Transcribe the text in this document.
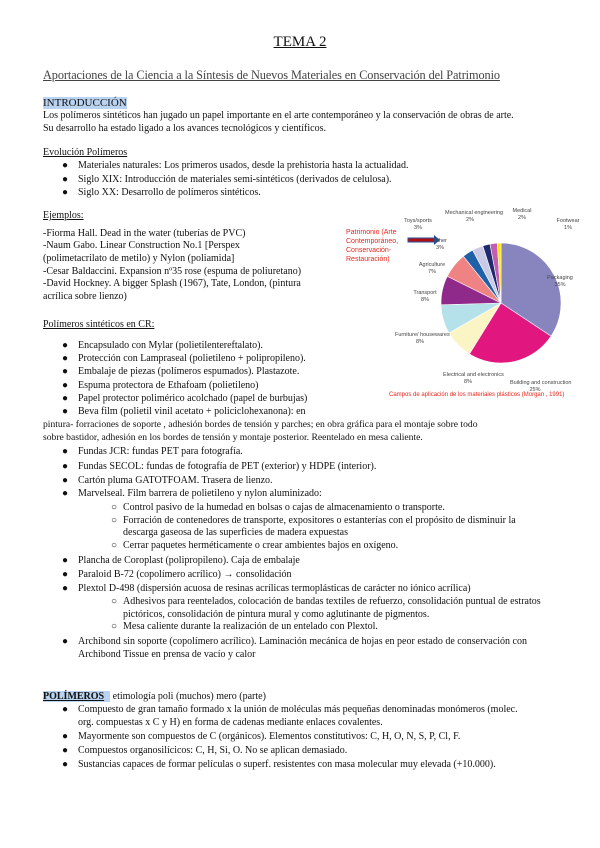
TEMA 2
Aportaciones de la Ciencia a la Síntesis de Nuevos Materiales en Conservación del Patrimonio
INTRODUCCIÓN
Los polímeros sintéticos han jugado un papel importante en el arte contemporáneo y la conservación de obras de arte.
Su desarrollo ha estado ligado a los avances tecnológicos y científicos.
Evolución Polímeros
● Materiales naturales: Los primeros usados, desde la prehistoria hasta la actualidad.
● Siglo XIX: Introducción de materiales semi-sintéticos (derivados de celulosa).
● Siglo XX: Desarrollo de polímeros sintéticos.
Ejemplos:
-Fiorma Hall. Dead in the water (tuberías de PVC)
-Naum Gabo. Linear Construction No.1 [Perspex
(polimetacrilato de metilo) y Nylon (poliamida]
-Cesar Baldaccini. Expansion nº35 rose (espuma de poliuretano)
-David Hockney. A bigger Splash (1967), Tate, London, (pintura
acrílica sobre lienzo)
Polímeros sintéticos en CR:
● Encapsulado con Mylar (polietilentereftalato).
● Protección con Lampraseal (polietileno + polipropileno).
● Embalaje de piezas (polímeros espumados). Plastazote.
● Espuma protectora de Ethafoam (polietileno)
● Papel protector polimérico acolchado (papel de burbujas)
● Beva film (polietil vinil acetato + policiclohexanona): en
pintura- forraciones de soporte , adhesión bordes de tensión y parches; en obra gráfica para el montaje sobre todo
sobre bastidor, adhesión en los bordes de tensión y montaje posterior. Reentelado en mesa caliente.
● Fundas JCR: fundas PET para fotografía.
● Fundas SECOL: fundas de fotografía de PET (exterior) y HDPE (interior).
● Cartón pluma GATOTFOAM. Trasera de lienzo.
● Marvelseal. Film barrera de polietileno y nylon aluminizado:
○ Control pasivo de la humedad en bolsas o cajas de almacenamiento o transporte.
○ Forración de contenedores de transporte, expositores o estanterías con el propósito de disminuir la
descarga gaseosa de las superficies de madera expuestas
○ Cerrar paquetes herméticamente o crear ambientes bajos en oxígeno.
● Plancha de Coroplast (polipropileno). Caja de embalaje
● Paraloid B-72 (copolímero acrílico) → consolidación
● Plextol D-498 (dispersión acuosa de resinas acrílicas termoplásticas de carácter no iónico acrílica)
○ Adhesivos para reentelados, colocación de bandas textiles de refuerzo, consolidación puntual de estratos
pictóricos, consolidación de pintura mural y como aglutinante de pigmentos.
○ Mesa caliente durante la realización de un entelado con Plextol.
● Archibond sin soporte (copolímero acrílico). Laminación mecánica de hojas en peor estado de conservación con
Archibond Tissue en prensa de vacío y calor
POLÍMEROS etimología poli (muchos) mero (parte)
● Compuesto de gran tamaño formado x la unión de moléculas más pequeñas denominadas monómeros (molec.
org. compuestas x C y H) en forma de cadenas mediante enlaces covalentes.
● Mayormente son compuestos de C (orgánicos). Elementos constitutivos: C, H, O, N, S, P, Cl, F.
● Compuestos organosilícicos: C, H, Si, O. No se aplican demasiado.
● Sustancias capaces de formar películas o superf. resistentes con masa molecular muy elevada (+10.000).
Patrimonio (Arte
Contemporáneo,
Conservación-
Restauración)
Packaging
35%
Building and construction
25%
Electrical and electronics
8%
Furniture/ housewares
8%
Transport
8%
Agriculture
7%
Other
3%
Toys/sports
3%
Mechanical engineering
2%
Medical
2%
Footwear
1%
Campos de aplicación de los materiales plásticos (Morgan , 1991)
